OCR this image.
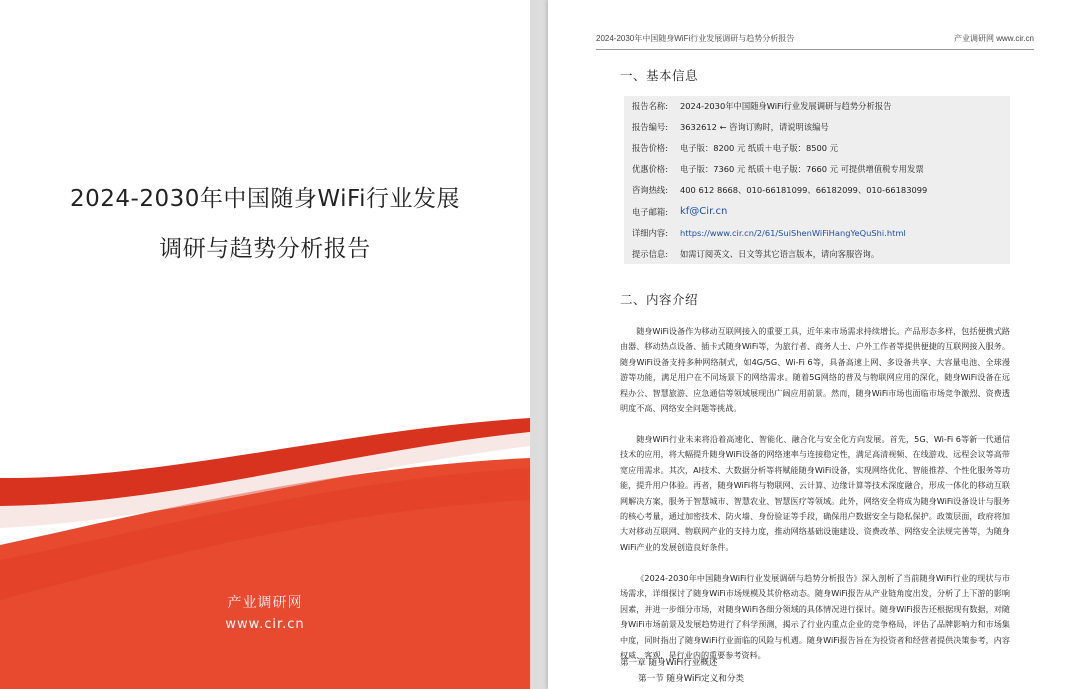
2024-2030年中国随身WiFi行业发展
调研与趋势分析报告
产业调研网
www.cir.cn
2024-2030年中国随身WiFi行业发展调研与趋势分析报告	产业调研网 www.cir.cn
一、基本信息
报告名称: 2024-2030年中国随身WiFi行业发展调研与趋势分析报告
报告编号: 3632612 ← 咨询订购时，请说明该编号
报告价格: 电子版：8200 元 纸质＋电子版：8500 元
优惠价格: 电子版：7360 元 纸质＋电子版：7660 元 可提供增值税专用发票
咨询热线: 400 612 8668、010-66181099、66182099、010-66183099
电子邮箱: kf@Cir.cn
详细内容: https://www.cir.cn/2/61/SuiShenWiFiHangYeQuShi.html
提示信息: 如需订阅英文、日文等其它语言版本，请向客服咨询。
二、内容介绍

随身WiFi设备作为移动互联网接入的重要工具，近年来市场需求持续增长。产品形态多样，包括便携式路由器、移动热点设备、插卡式随身WiFi等，为旅行者、商务人士、户外工作者等提供便捷的互联网接入服务。随身WiFi设备支持多种网络制式，如4G/5G、Wi-Fi 6等，具备高速上网、多设备共享、大容量电池、全球漫游等功能，满足用户在不同场景下的网络需求。随着5G网络的普及与物联网应用的深化，随身WiFi设备在远程办公、智慧旅游、应急通信等领域展现出广阔应用前景。然而，随身WiFi市场也面临市场竞争激烈、资费透明度不高、网络安全问题等挑战。

随身WiFi行业未来将沿着高速化、智能化、融合化与安全化方向发展。首先，5G、Wi-Fi 6等新一代通信技术的应用，将大幅提升随身WiFi设备的网络速率与连接稳定性，满足高清视频、在线游戏、远程会议等高带宽应用需求。其次，AI技术、大数据分析等将赋能随身WiFi设备，实现网络优化、智能推荐、个性化服务等功能，提升用户体验。再者，随身WiFi将与物联网、云计算、边缘计算等技术深度融合，形成一体化的移动互联网解决方案，服务于智慧城市、智慧农业、智慧医疗等领域。此外，网络安全将成为随身WiFi设备设计与服务的核心考量，通过加密技术、防火墙、身份验证等手段，确保用户数据安全与隐私保护。政策层面，政府将加大对移动互联网、物联网产业的支持力度，推动网络基础设施建设、资费改革、网络安全法规完善等，为随身WiFi产业的发展创造良好条件。

《2024-2030年中国随身WiFi行业发展调研与趋势分析报告》深入剖析了当前随身WiFi行业的现状与市场需求，详细探讨了随身WiFi市场规模及其价格动态。随身WiFi报告从产业链角度出发，分析了上下游的影响因素，并进一步细分市场，对随身WiFi各细分领域的具体情况进行探讨。随身WiFi报告还根据现有数据，对随身WiFi市场前景及发展趋势进行了科学预测，揭示了行业内重点企业的竞争格局，评估了品牌影响力和市场集中度，同时指出了随身WiFi行业面临的风险与机遇。随身WiFi报告旨在为投资者和经营者提供决策参考，内容权威、客观，是行业内的重要参考资料。

第一章 随身WiFi行业概述
第一节 随身WiFi定义和分类
